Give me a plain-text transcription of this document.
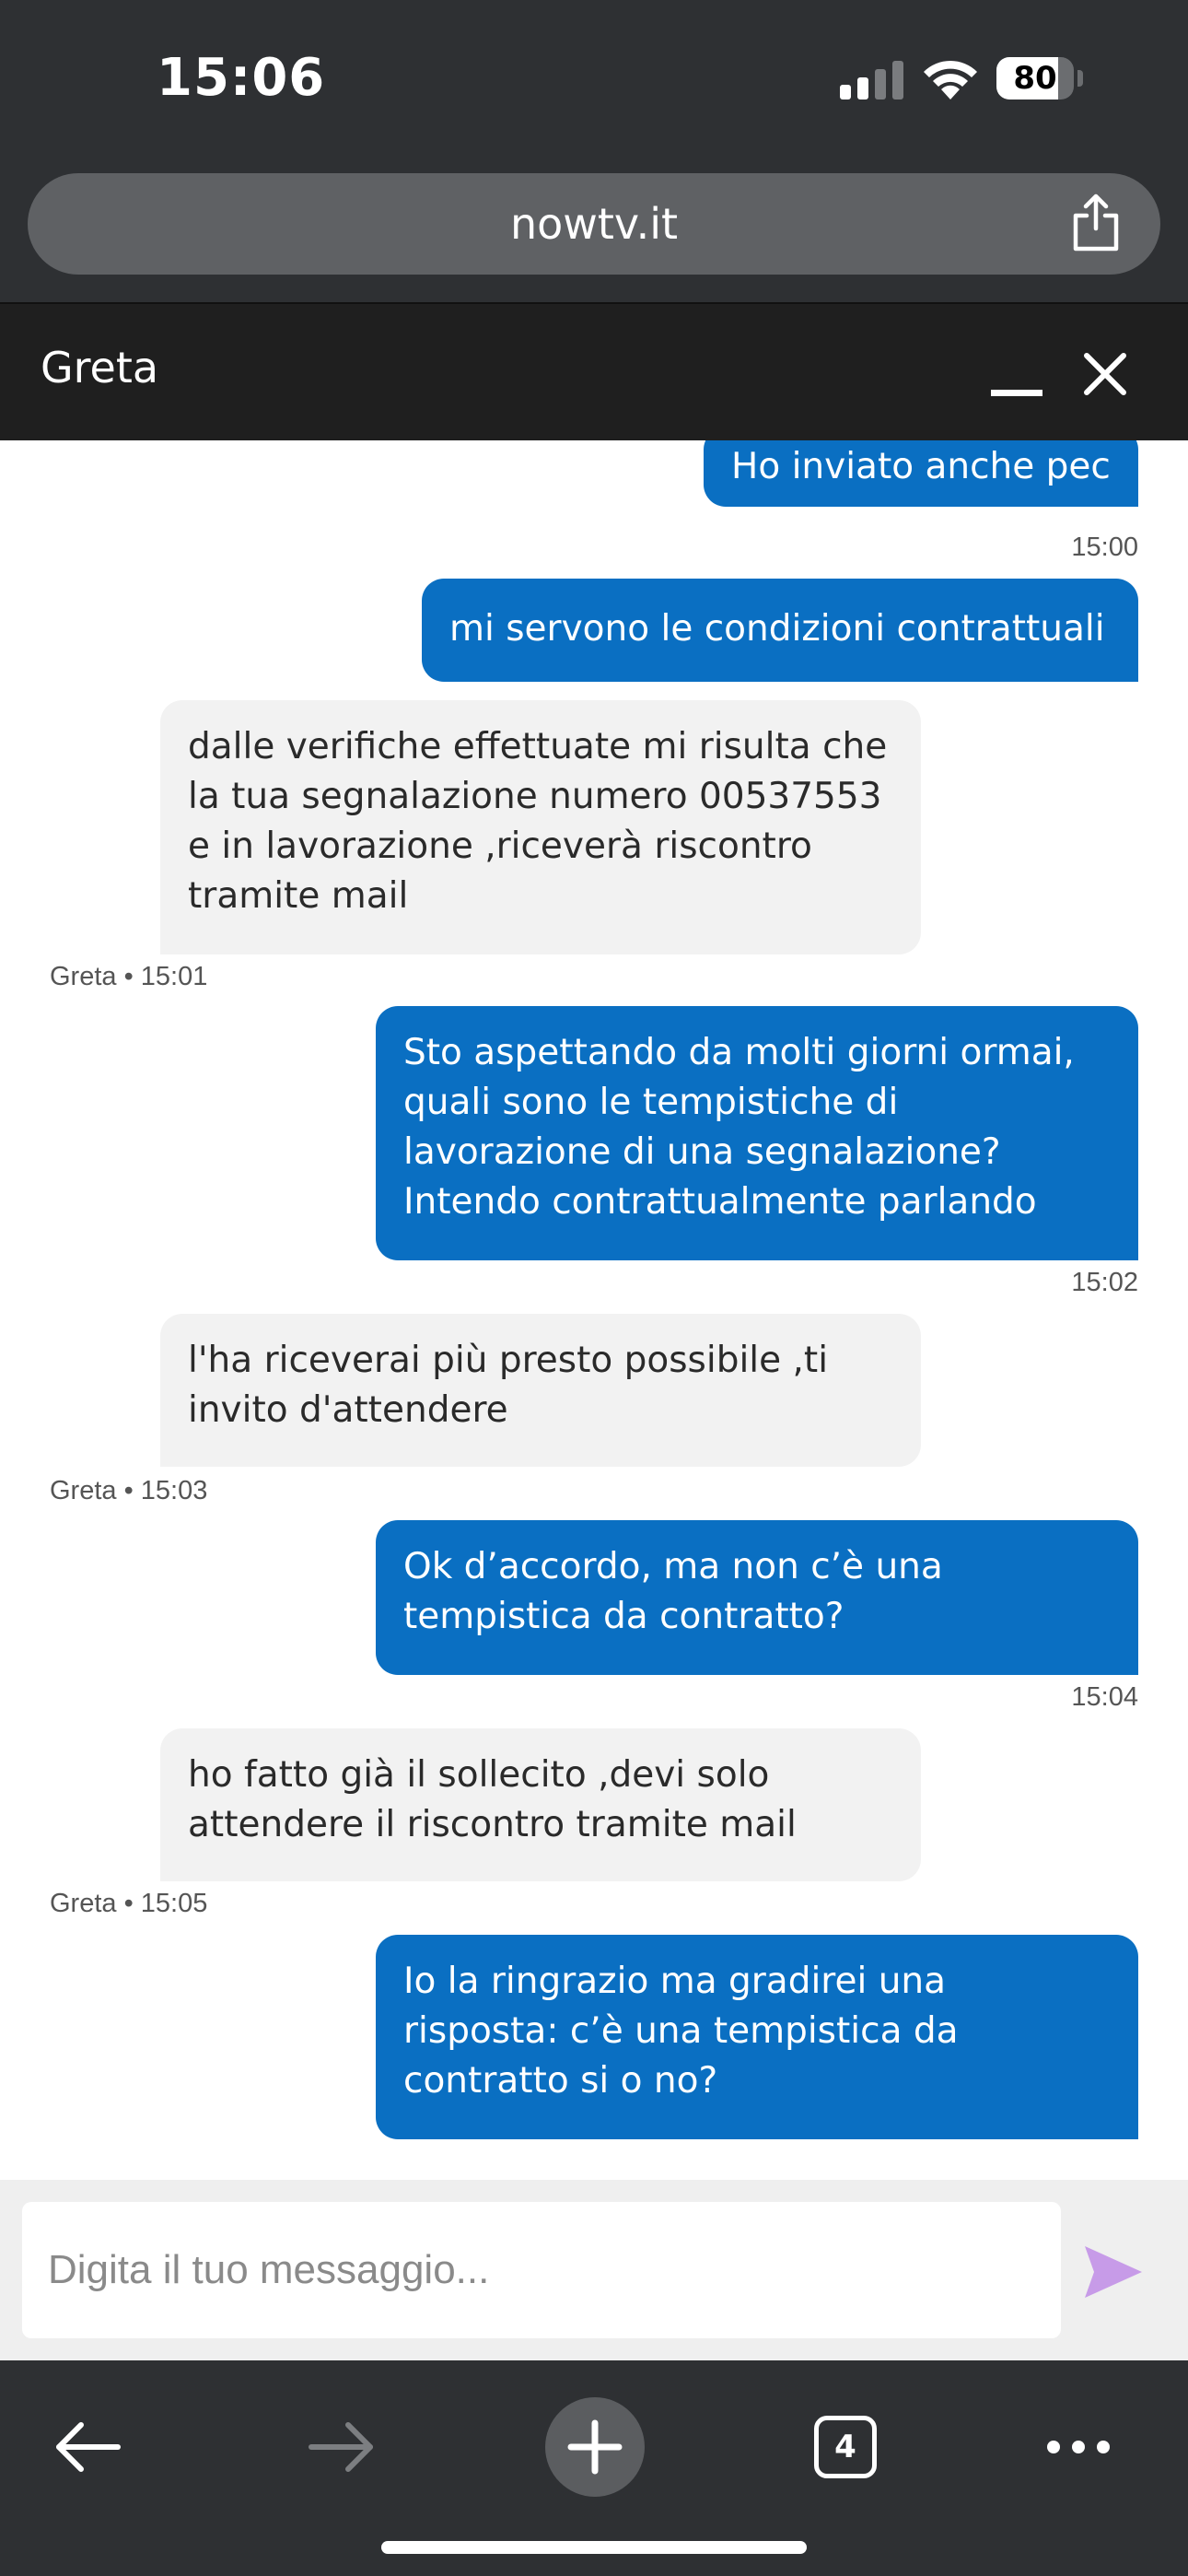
15:06	80
nowtv.it
Greta
Ho inviato anche pec
15:00
mi servono le condizioni contrattuali
dalle verifiche effettuate mi risulta che
la tua segnalazione numero 00537553
e in lavorazione ,riceverà riscontro
tramite mail
Greta • 15:01
Sto aspettando da molti giorni ormai,
quali sono le tempistiche di
lavorazione di una segnalazione?
Intendo contrattualmente parlando
15:02
l'ha riceverai più presto possibile ,ti
invito d'attendere
Greta • 15:03
Ok d’accordo, ma non c’è una
tempistica da contratto?
15:04
ho fatto già il sollecito ,devi solo
attendere il riscontro tramite mail
Greta • 15:05
Io la ringrazio ma gradirei una
risposta: c’è una tempistica da
contratto si o no?
Digita il tuo messaggio...
4
